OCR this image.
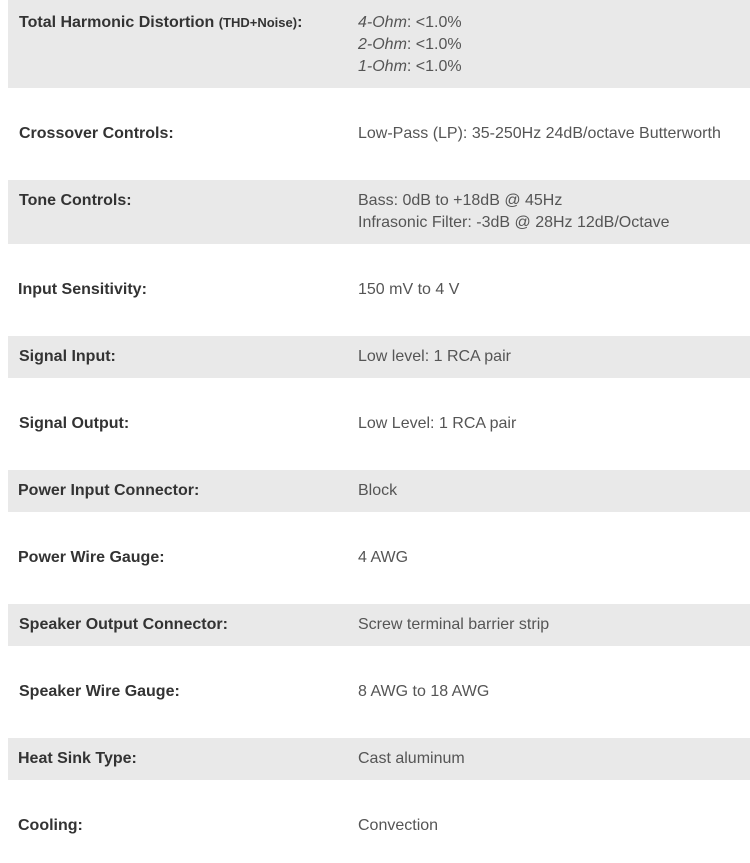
Total Harmonic Distortion (THD+Noise):	4-Ohm: <1.0%
2-Ohm: <1.0%
1-Ohm: <1.0%
Crossover Controls:	Low-Pass (LP): 35-250Hz 24dB/octave Butterworth
Tone Controls:	Bass: 0dB to +18dB @ 45Hz
Infrasonic Filter: -3dB @ 28Hz 12dB/Octave
Input Sensitivity:	150 mV to 4 V
Signal Input:	Low level: 1 RCA pair
Signal Output:	Low Level: 1 RCA pair
Power Input Connector:	Block
Power Wire Gauge:	4 AWG
Speaker Output Connector:	Screw terminal barrier strip
Speaker Wire Gauge:	8 AWG to 18 AWG
Heat Sink Type:	Cast aluminum
Cooling:	Convection
